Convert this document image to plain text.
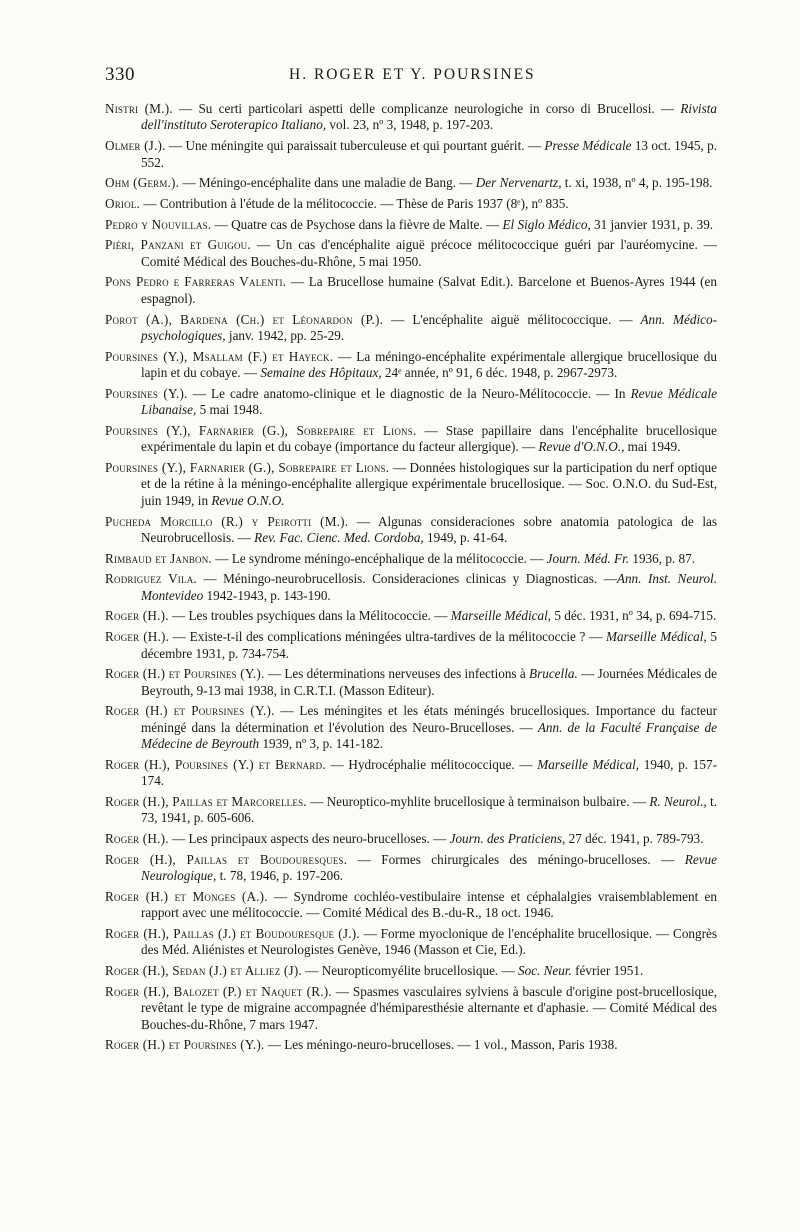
330	H. ROGER ET Y. POURSINES

Nistri (M.). — Su certi particolari aspetti delle complicanze neurologiche in corso di Brucellosi. — Rivista dell'instituto Seroterapico Italiano, vol. 23, nº 3, 1948, p. 197-203.

Olmer (J.). — Une méningite qui paraissait tuberculeuse et qui pourtant guérit. — Presse Médicale 13 oct. 1945, p. 552.

Ohm (Germ.). — Méningo-encéphalite dans une maladie de Bang. — Der Nervenartz, t. xi, 1938, nº 4, p. 195-198.

Oriol. — Contribution à l'étude de la mélitococcie. — Thèse de Paris 1937 (8ᵉ), nº 835.

Pedro y Nouvillas. — Quatre cas de Psychose dans la fièvre de Malte. — El Siglo Médico, 31 janvier 1931, p. 39.

Piéri, Panzani et Guigou. — Un cas d'encéphalite aiguë précoce mélitococcique guéri par l'auréomycine. — Comité Médical des Bouches-du-Rhône, 5 mai 1950.

Pons Pedro e Farreras Valenti. — La Brucellose humaine (Salvat Edit.). Barcelone et Buenos-Ayres 1944 (en espagnol).

Porot (A.), Bardena (Ch.) et Léonardon (P.). — L'encéphalite aiguë mélitococcique. — Ann. Médico-psychologiques, janv. 1942, pp. 25-29.

Poursines (Y.), Msallam (F.) et Hayeck. — La méningo-encéphalite expérimentale allergique brucellosique du lapin et du cobaye. — Semaine des Hôpitaux, 24ᵉ année, nº 91, 6 déc. 1948, p. 2967-2973.

Poursines (Y.). — Le cadre anatomo-clinique et le diagnostic de la Neuro-Mélitococcie. — In Revue Médicale Libanaise, 5 mai 1948.

Poursines (Y.), Farnarier (G.), Sobrepaire et Lions. — Stase papillaire dans l'encéphalite brucellosique expérimentale du lapin et du cobaye (importance du facteur allergique). — Revue d'O.N.O., mai 1949.

Poursines (Y.), Farnarier (G.), Sobrepaire et Lions. — Données histologiques sur la participation du nerf optique et de la rétine à la méningo-encéphalite allergique expérimentale brucellosique. — Soc. O.N.O. du Sud-Est, juin 1949, in Revue O.N.O.

Pucheda Morcillo (R.) y Peirotti (M.). — Algunas consideraciones sobre anatomia patologica de las Neurobrucellosis. — Rev. Fac. Cienc. Med. Cordoba, 1949, p. 41-64.

Rimbaud et Janbon. — Le syndrome méningo-encéphalique de la mélitococcie. — Journ. Méd. Fr. 1936, p. 87.

Rodriguez Vila. — Méningo-neurobrucellosis. Consideraciones clinicas y Diagnosticas. —Ann. Inst. Neurol. Montevideo 1942-1943, p. 143-190.

Roger (H.). — Les troubles psychiques dans la Mélitococcie. — Marseille Médical, 5 déc. 1931, nº 34, p. 694-715.

Roger (H.). — Existe-t-il des complications méningées ultra-tardives de la mélitococcie ? — Marseille Médical, 5 décembre 1931, p. 734-754.

Roger (H.) et Poursines (Y.). — Les déterminations nerveuses des infections à Brucella. — Journées Médicales de Beyrouth, 9-13 mai 1938, in C.R.T.I. (Masson Editeur).

Roger (H.) et Poursines (Y.). — Les méningites et les états méningés brucellosiques. Importance du facteur méningé dans la détermination et l'évolution des Neuro-Brucelloses. — Ann. de la Faculté Française de Médecine de Beyrouth 1939, nº 3, p. 141-182.

Roger (H.), Poursines (Y.) et Bernard. — Hydrocéphalie mélitococcique. — Marseille Médical, 1940, p. 157-174.

Roger (H.), Paillas et Marcorelles. — Neuroptico-myhlite brucellosique à terminaison bulbaire. — R. Neurol., t. 73, 1941, p. 605-606.

Roger (H.). — Les principaux aspects des neuro-brucelloses. — Journ. des Praticiens, 27 déc. 1941, p. 789-793.

Roger (H.), Paillas et Boudouresques. — Formes chirurgicales des méningo-brucelloses. — Revue Neurologique, t. 78, 1946, p. 197-206.

Roger (H.) et Monges (A.). — Syndrome cochléo-vestibulaire intense et céphalalgies vraisemblablement en rapport avec une mélitococcie. — Comité Médical des B.-du-R., 18 oct. 1946.

Roger (H.), Paillas (J.) et Boudouresque (J.). — Forme myoclonique de l'encéphalite brucellosique. — Congrès des Méd. Aliénistes et Neurologistes Genève, 1946 (Masson et Cie, Ed.).

Roger (H.), Sedan (J.) et Alliez (J). — Neuropticomyélite brucellosique. — Soc. Neur. février 1951.

Roger (H.), Balozet (P.) et Naquet (R.). — Spasmes vasculaires sylviens à bascule d'origine post-brucellosique, revêtant le type de migraine accompagnée d'hémiparesthésie alternante et d'aphasie. — Comité Médical des Bouches-du-Rhône, 7 mars 1947.

Roger (H.) et Poursines (Y.). — Les méningo-neuro-brucelloses. — 1 vol., Masson, Paris 1938.
